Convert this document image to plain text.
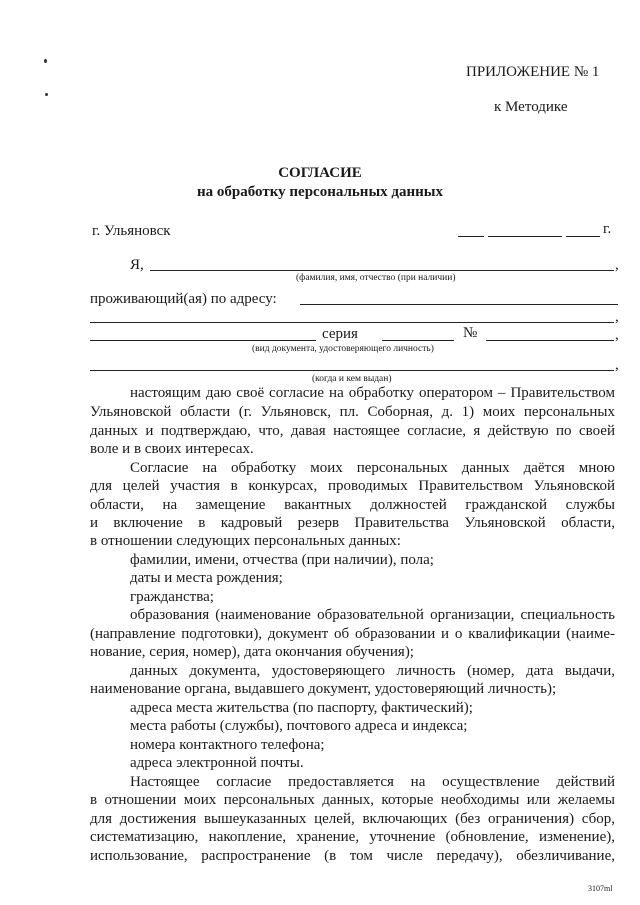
ПРИЛОЖЕНИЕ № 1
к Методике
СОГЛАСИЕ
на обработку персональных данных
г. Ульяновск	г.
Я,	,
(фамилия, имя, отчество (при наличии)
проживающий(ая) по адресу:
,
серия	№	,
(вид документа, удостоверяющего личность)
,
(когда и кем выдан)
настоящим даю своё согласие на обработку оператором – Правительством
Ульяновской области (г. Ульяновск, пл. Соборная, д. 1) моих персональных
данных и подтверждаю, что, давая настоящее согласие, я действую по своей
воле и в своих интересах.
Согласие на обработку моих персональных данных даётся мною
для целей участия в конкурсах, проводимых Правительством Ульяновской
области, на замещение вакантных должностей гражданской службы
и включение в кадровый резерв Правительства Ульяновской области,
в отношении следующих персональных данных:
фамилии, имени, отчества (при наличии), пола;
даты и места рождения;
гражданства;
образования (наименование образовательной организации, специальность
(направление подготовки), документ об образовании и о квалификации (наиме-
нование, серия, номер), дата окончания обучения);
данных документа, удостоверяющего личность (номер, дата выдачи,
наименование органа, выдавшего документ, удостоверяющий личность);
адреса места жительства (по паспорту, фактический);
места работы (службы), почтового адреса и индекса;
номера контактного телефона;
адреса электронной почты.
Настоящее согласие предоставляется на осуществление действий
в отношении моих персональных данных, которые необходимы или желаемы
для достижения вышеуказанных целей, включающих (без ограничения) сбор,
систематизацию, накопление, хранение, уточнение (обновление, изменение),
использование, распространение (в том числе передачу), обезличивание,
3107ml
